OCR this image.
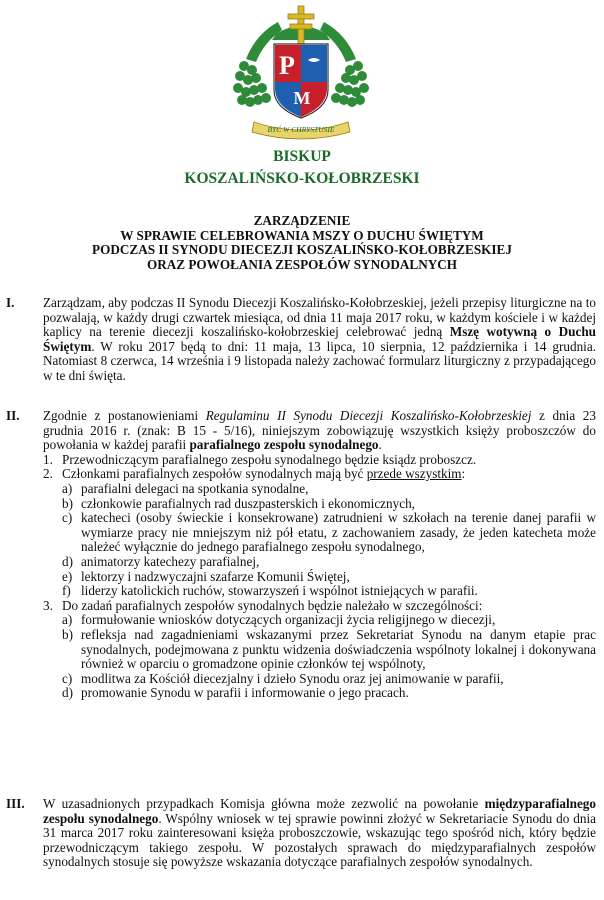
P
M
BYĆ W CHRYSTUSIE
BISKUP
KOSZALIŃSKO-KOŁOBRZESKI
ZARZĄDZENIE
W SPRAWIE CELEBROWANIA MSZY O DUCHU ŚWIĘTYM
PODCZAS II SYNODU DIECEZJI KOSZALIŃSKO-KOŁOBRZESKIEJ
ORAZ POWOŁANIA ZESPOŁÓW SYNODALNYCH
I. Zarządzam, aby podczas II Synodu Diecezji Koszalińsko-Kołobrzeskiej, jeżeli przepisy liturgiczne na to pozwalają, w każdy drugi czwartek miesiąca, od dnia 11 maja 2017 roku, w każdym kościele i w każdej kaplicy na terenie diecezji koszalińsko-kołobrzeskiej celebrować jedną Mszę wotywną o Duchu Świętym. W roku 2017 będą to dni: 11 maja, 13 lipca, 10 sierpnia, 12 października i 14 grudnia. Natomiast 8 czerwca, 14 września i 9 listopada należy zachować formularz liturgiczny z przypadającego w te dni święta.
II. Zgodnie z postanowieniami Regulaminu II Synodu Diecezji Koszalińsko-Kołobrzeskiej z dnia 23 grudnia 2016 r. (znak: B 15 - 5/16), niniejszym zobowiązuję wszystkich księży proboszczów do powołania w każdej parafii parafialnego zespołu synodalnego.
1. Przewodniczącym parafialnego zespołu synodalnego będzie ksiądz proboszcz.
2. Członkami parafialnych zespołów synodalnych mają być przede wszystkim:
a) parafialni delegaci na spotkania synodalne,
b) członkowie parafialnych rad duszpasterskich i ekonomicznych,
c) katecheci (osoby świeckie i konsekrowane) zatrudnieni w szkołach na terenie danej parafii w wymiarze pracy nie mniejszym niż pół etatu, z zachowaniem zasady, że jeden katecheta może należeć wyłącznie do jednego parafialnego zespołu synodalnego,
d) animatorzy katechezy parafialnej,
e) lektorzy i nadzwyczajni szafarze Komunii Świętej,
f) liderzy katolickich ruchów, stowarzyszeń i wspólnot istniejących w parafii.
3. Do zadań parafialnych zespołów synodalnych będzie należało w szczególności:
a) formułowanie wniosków dotyczących organizacji życia religijnego w diecezji,
b) refleksja nad zagadnieniami wskazanymi przez Sekretariat Synodu na danym etapie prac synodalnych, podejmowana z punktu widzenia doświadczenia wspólnoty lokalnej i dokonywana również w oparciu o gromadzone opinie członków tej wspólnoty,
c) modlitwa za Kościół diecezjalny i dzieło Synodu oraz jej animowanie w parafii,
d) promowanie Synodu w parafii i informowanie o jego pracach.
III. W uzasadnionych przypadkach Komisja główna może zezwolić na powołanie międzyparafialnego zespołu synodalnego. Wspólny wniosek w tej sprawie powinni złożyć w Sekretariacie Synodu do dnia 31 marca 2017 roku zainteresowani księża proboszczowie, wskazując tego spośród nich, który będzie przewodniczącym takiego zespołu. W pozostałych sprawach do międzyparafialnych zespołów synodalnych stosuje się powyższe wskazania dotyczące parafialnych zespołów synodalnych.
